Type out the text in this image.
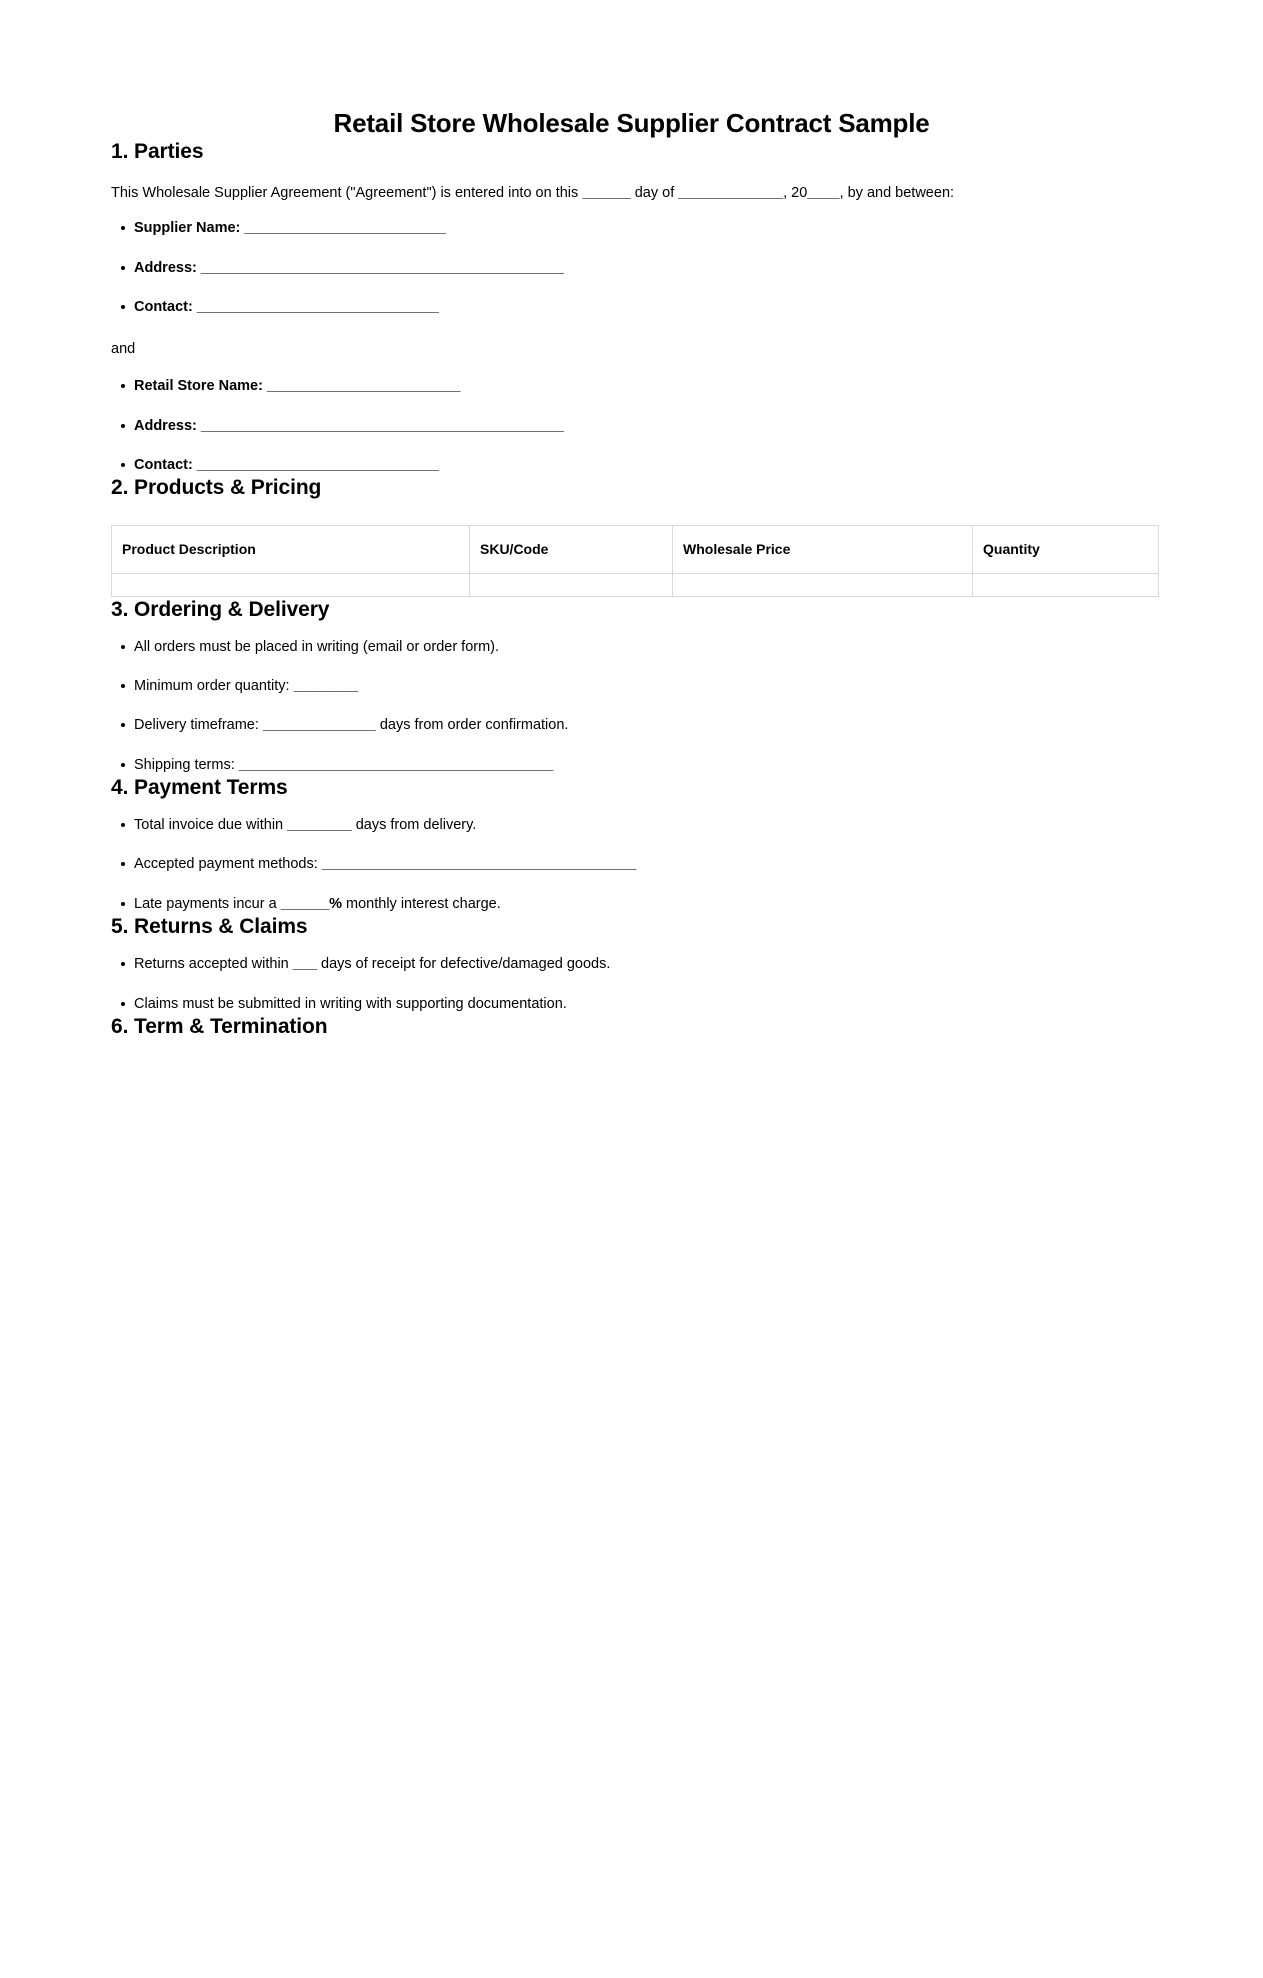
Retail Store Wholesale Supplier Contract Sample
1. Parties

This Wholesale Supplier Agreement ("Agreement") is entered into on this ______ day of _____________, 20____, by and between:

Supplier Name: _________________________
Address: _____________________________________________
Contact: ______________________________

and

Retail Store Name: ________________________
Address: _____________________________________________
Contact: ______________________________
2. Products & Pricing
Product Description	SKU/Code	Wholesale Price	Quantity

3. Ordering & Delivery
All orders must be placed in writing (email or order form).
Minimum order quantity: ________
Delivery timeframe: ______________ days from order confirmation.
Shipping terms: _______________________________________
4. Payment Terms
Total invoice due within ________ days from delivery.
Accepted payment methods: _______________________________________
Late payments incur a ______% monthly interest charge.
5. Returns & Claims
Returns accepted within ___ days of receipt for defective/damaged goods.
Claims must be submitted in writing with supporting documentation.
6. Term & Termination
